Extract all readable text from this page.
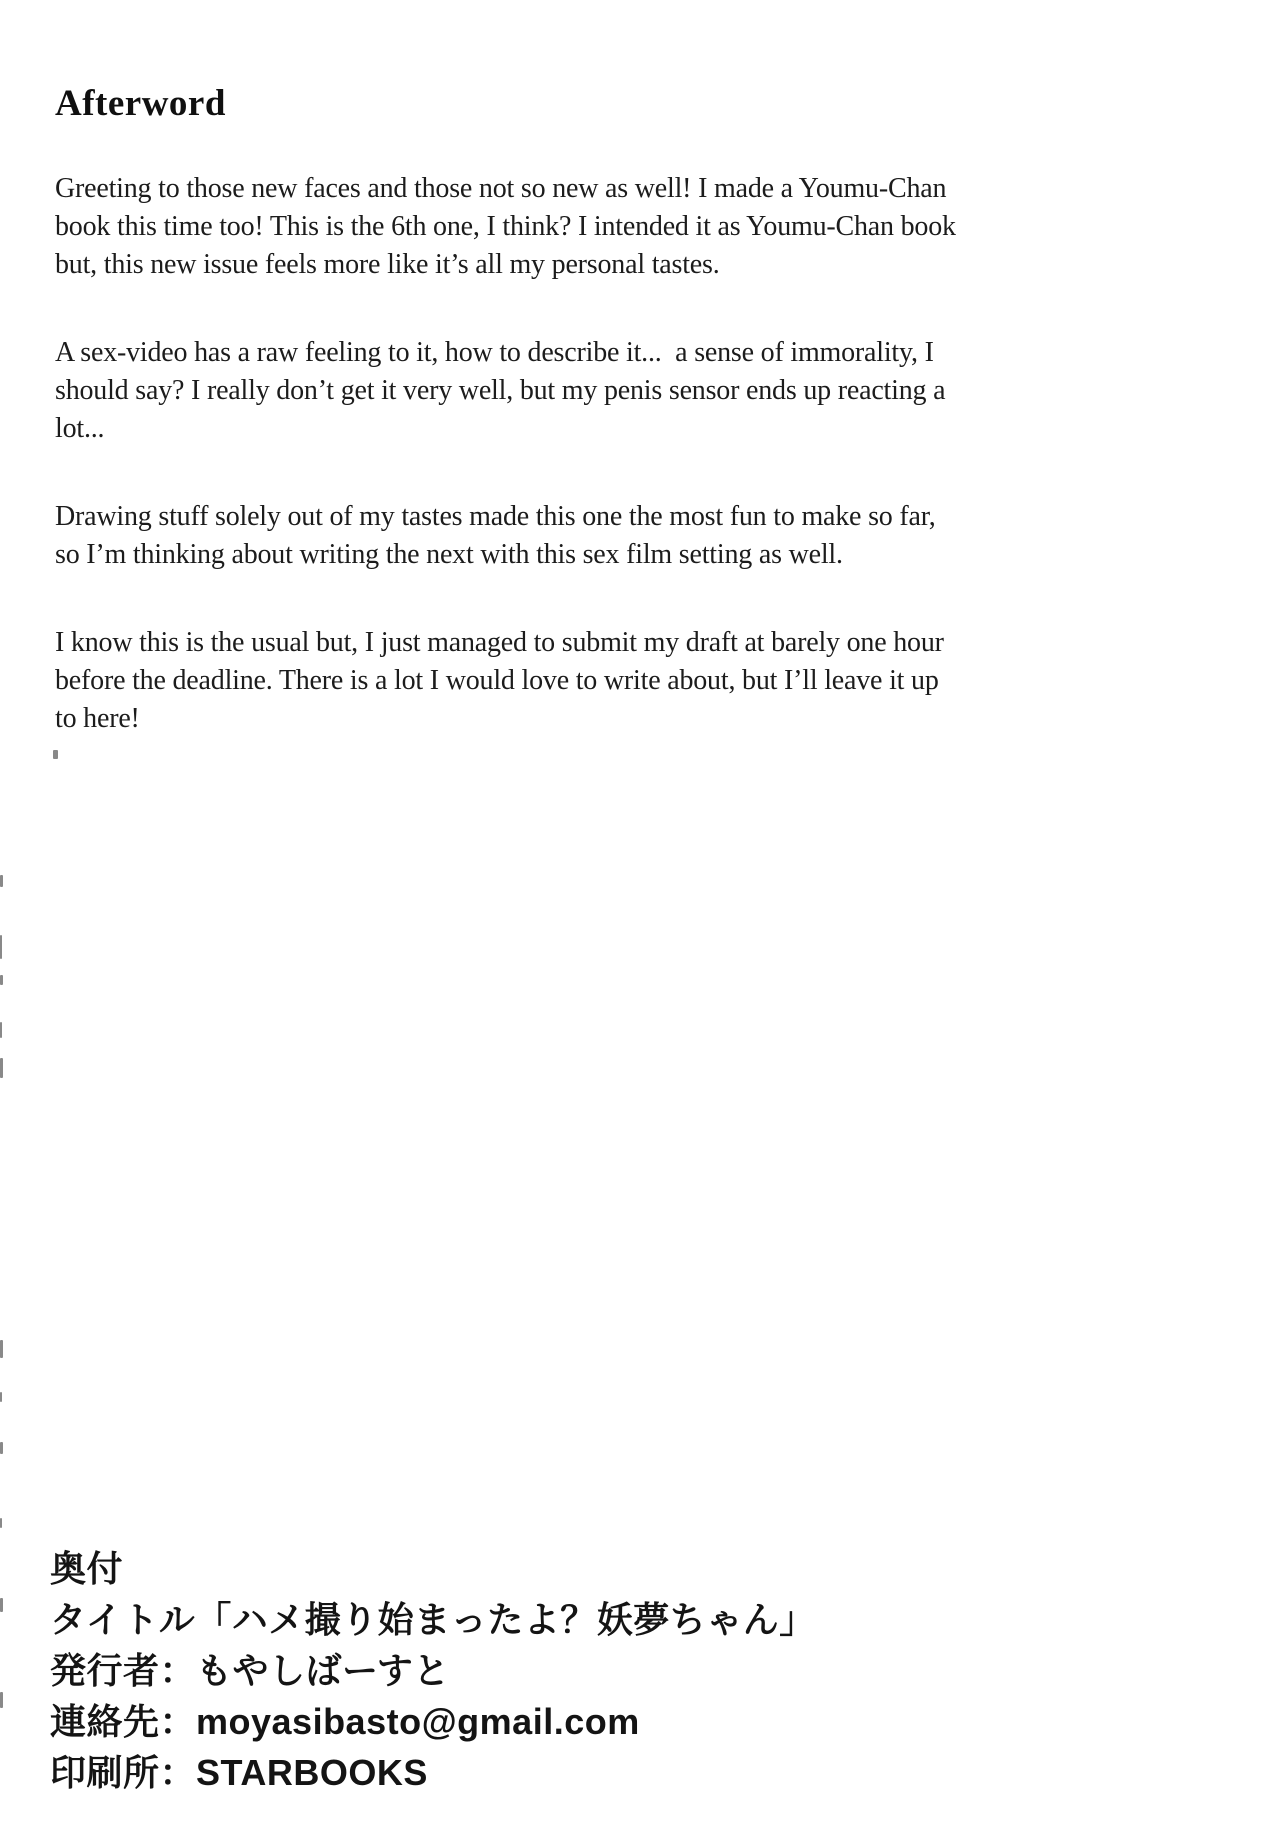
Afterword

Greeting to those new faces and those not so new as well! I made a Youmu-Chan
book this time too! This is the 6th one, I think? I intended it as Youmu-Chan book
but, this new issue feels more like it’s all my personal tastes.

A sex-video has a raw feeling to it, how to describe it...  a sense of immorality, I
should say? I really don’t get it very well, but my penis sensor ends up reacting a
lot...

Drawing stuff solely out of my tastes made this one the most fun to make so far,
so I’m thinking about writing the next with this sex film setting as well.

I know this is the usual but, I just managed to submit my draft at barely one hour
before the deadline. There is a lot I would love to write about, but I’ll leave it up
to here!

奥付
タイトル「ハメ撮り始まったよ？妖夢ちゃん」
発行者：もやしばーすと
連絡先：moyasibasto@gmail.com
印刷所：STARBOOKS
